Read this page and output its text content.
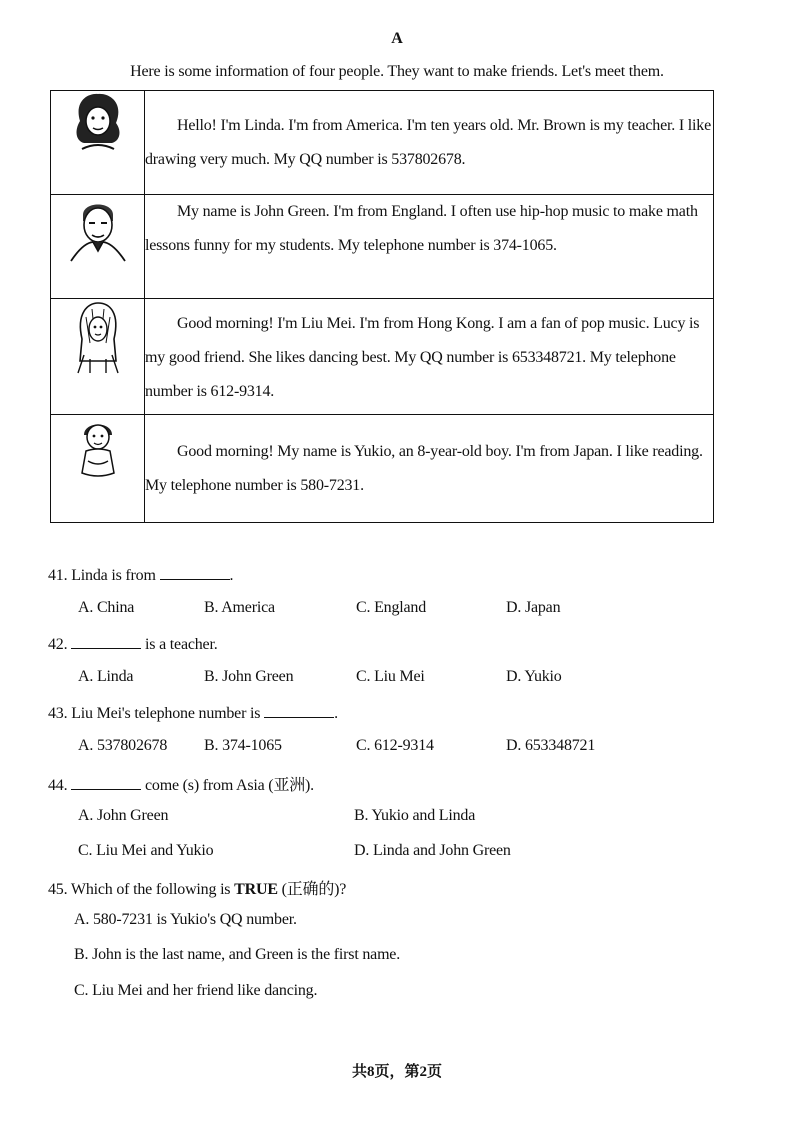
A
Here is some information of four people. They want to make friends. Let's meet them.

Hello! I'm Linda. I'm from America. I'm ten years old. Mr. Brown is my teacher. I like drawing very much. My QQ number is 537802678.

My name is John Green. I'm from England. I often use hip-hop music to make math lessons funny for my students. My telephone number is 374-1065.

Good morning! I'm Liu Mei. I'm from Hong Kong. I am a fan of pop music. Lucy is my good friend. She likes dancing best. My QQ number is 653348721. My telephone number is 612-9314.

Good morning! My name is Yukio, an 8-year-old boy. I'm from Japan. I like reading. My telephone number is 580-7231.

41. Linda is from	.
A. China	B. America	C. England	D. Japan
42.	is a teacher.
A. Linda	B. John Green	C. Liu Mei	D. Yukio
43. Liu Mei's telephone number is	.
A. 537802678 B. 374-1065	C. 612-9314	D. 653348721
44.	come (s) from Asia (亚洲).
A. John Green	B. Yukio and Linda
C. Liu Mei and Yukio	D. Linda and John Green
45. Which of the following is TRUE (正确的)?
A. 580-7231 is Yukio's QQ number.
B. John is the last name, and Green is the first name.
C. Liu Mei and her friend like dancing.
共8页，第2页
